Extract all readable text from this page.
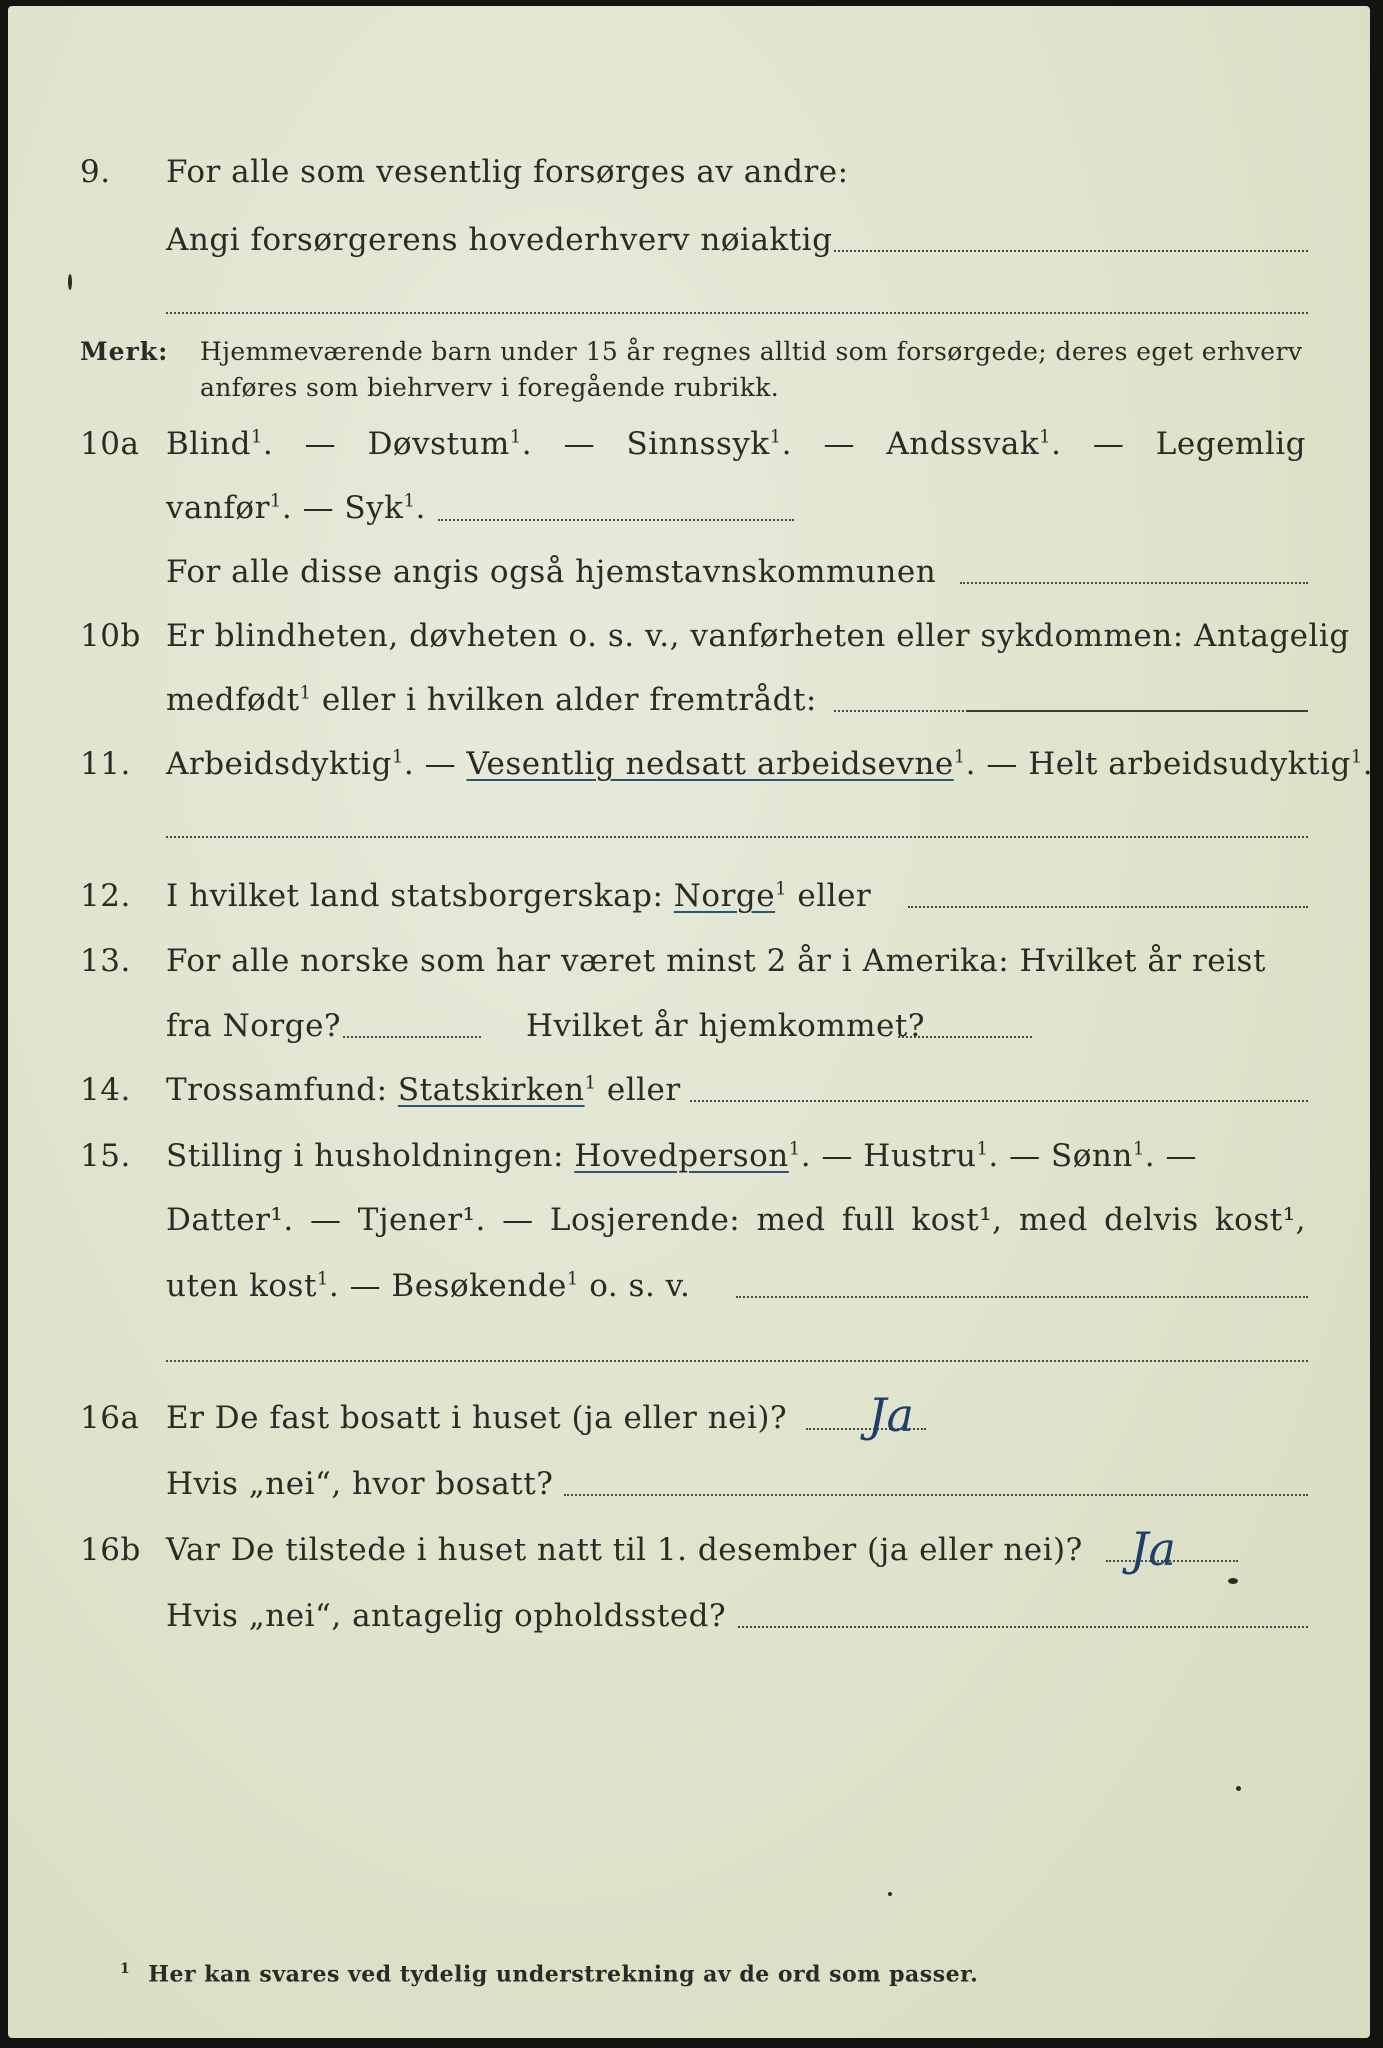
9. For alle som vesentlig forsørges av andre:
Angi forsørgerens hovederhverv nøiaktig
Merk: Hjemmeværende barn under 15 år regnes alltid som forsørgede; deres eget erhverv
anføres som biehrverv i foregående rubrikk.
10a Blind$^1$. — Døvstum$^1$. — Sinnssyk$^1$. — Andssvak$^1$. — Legemlig
vanfør$^1$. — Syk$^1$.
For alle disse angis også hjemstavnskommunen
10b Er blindheten, døvheten o. s. v., vanførheten eller sykdommen: Antagelig
medfødt$^1$ eller i hvilken alder fremtrådt:
11. Arbeidsdyktig$^1$. — Vesentlig nedsatt arbeidsevne$^1$. — Helt arbeidsudyktig$^1$.
12. I hvilket land statsborgerskap: Norge$^1$ eller
13. For alle norske som har været minst 2 år i Amerika: Hvilket år reist
fra Norge?	Hvilket år hjemkommet?
14. Trossamfund: Statskirken$^1$ eller
15. Stilling i husholdningen: Hovedperson$^1$. — Hustru$^1$. — Sønn$^1$. —
Datter¹. — Tjener¹. — Losjerende: med full kost¹, med delvis kost¹,
uten kost$^1$. — Besøkende$^1$ o. s. v.
16a Er De fast bosatt i huset (ja eller nei)? Ja
Hvis „nei“, hvor bosatt?
16b Var De tilstede i huset natt til 1. desember (ja eller nei)? Ja
Hvis „nei“, antagelig opholdssted?
$^1$ Her kan svares ved tydelig understrekning av de ord som passer.
